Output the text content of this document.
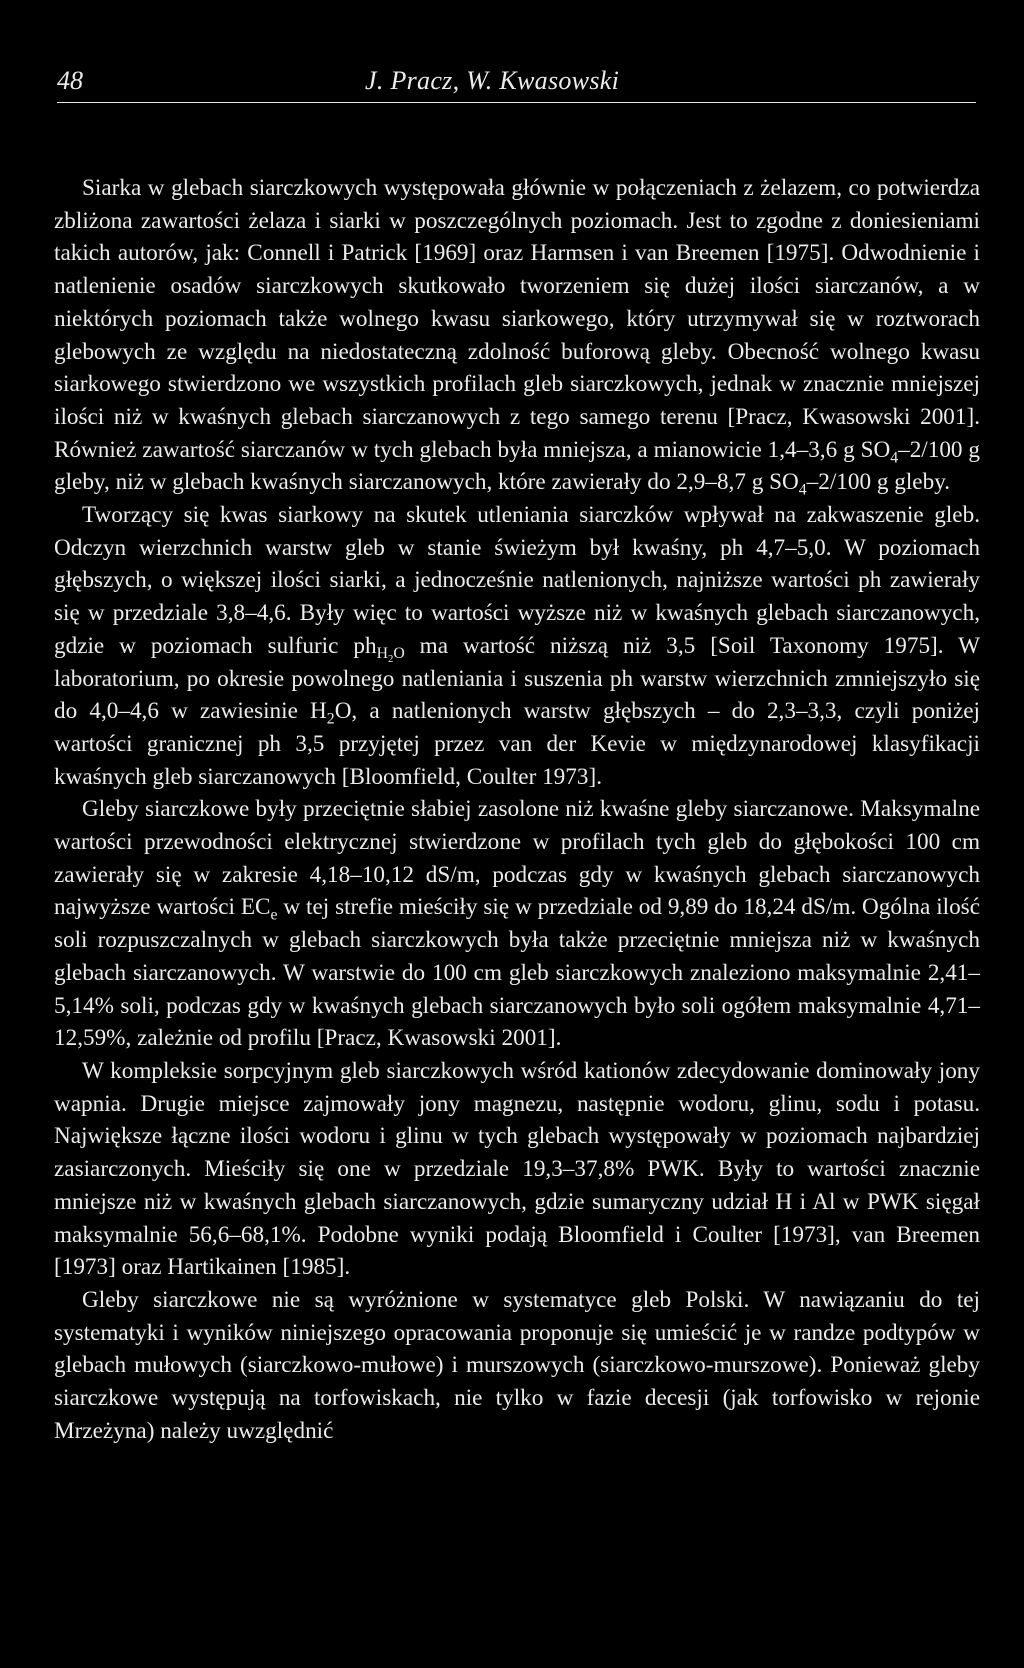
48	J. Pracz, W. Kwasowski

Siarka w glebach siarczkowych występowała głównie w połączeniach z żelazem, co potwierdza zbliżona zawartości żelaza i siarki w poszczególnych poziomach. Jest to zgodne z doniesieniami takich autorów, jak: Connell i Patrick [1969] oraz Harmsen i van Breemen [1975]. Odwodnienie i natlenienie osadów siarczkowych skutkowało tworzeniem się dużej ilości siarczanów, a w niektórych poziomach także wolnego kwasu siarkowego, który utrzymywał się w roztworach glebowych ze względu na niedostateczną zdolność buforową gleby. Obecność wolnego kwasu siarkowego stwierdzono we wszystkich profilach gleb siarczkowych, jednak w znacznie mniejszej ilości niż w kwaśnych glebach siarczanowych z tego samego terenu [Pracz, Kwasowski 2001]. Również zawartość siarczanów w tych glebach była mniejsza, a mianowicie 1,4–3,6 g $SO_4-2/100$ g gleby, niż w glebach kwaśnych siarczanowych, które zawierały do 2,9–8,7 g $SO_4-2/100$ g gleby.

Tworzący się kwas siarkowy na skutek utleniania siarczków wpływał na zakwaszenie gleb. Odczyn wierzchnich warstw gleb w stanie świeżym był kwaśny, ph 4,7–5,0. W poziomach głębszych, o większej ilości siarki, a jednocześnie natlenionych, najniższe wartości ph zawierały się w przedziale 3,8–4,6. Były więc to wartości wyższe niż w kwaśnych glebach siarczanowych, gdzie w poziomach sulfuric $ph_{H_2O}$ ma wartość niższą niż 3,5 [Soil Taxonomy 1975]. W laboratorium, po okresie powolnego natleniania i suszenia ph warstw wierzchnich zmniejszyło się do 4,0–4,6 w zawiesinie $H_2O$, a natlenionych warstw głębszych – do 2,3–3,3, czyli poniżej wartości granicznej ph 3,5 przyjętej przez van der Kevie w międzynarodowej klasyfikacji kwaśnych gleb siarczanowych [Bloomfield, Coulter 1973].

Gleby siarczkowe były przeciętnie słabiej zasolone niż kwaśne gleby siarczanowe. Maksymalne wartości przewodności elektrycznej stwierdzone w profilach tych gleb do głębokości 100 cm zawierały się w zakresie 4,18–10,12 dS/m, podczas gdy w kwaśnych glebach siarczanowych najwyższe wartości $EC_e$ w tej strefie mieściły się w przedziale od 9,89 do 18,24 dS/m. Ogólna ilość soli rozpuszczalnych w glebach siarczkowych była także przeciętnie mniejsza niż w kwaśnych glebach siarczanowych. W warstwie do 100 cm gleb siarczkowych znaleziono maksymalnie 2,41–5,14% soli, podczas gdy w kwaśnych glebach siarczanowych było soli ogółem maksymalnie 4,71–12,59%, zależnie od profilu [Pracz, Kwasowski 2001].

W kompleksie sorpcyjnym gleb siarczkowych wśród kationów zdecydowanie dominowały jony wapnia. Drugie miejsce zajmowały jony magnezu, następnie wodoru, glinu, sodu i potasu. Największe łączne ilości wodoru i glinu w tych glebach występowały w poziomach najbardziej zasiarczonych. Mieściły się one w przedziale 19,3–37,8% PWK. Były to wartości znacznie mniejsze niż w kwaśnych glebach siarczanowych, gdzie sumaryczny udział H i Al w PWK sięgał maksymalnie 56,6–68,1%. Podobne wyniki podają Bloomfield i Coulter [1973], van Breemen [1973] oraz Hartikainen [1985].

Gleby siarczkowe nie są wyróżnione w systematyce gleb Polski. W nawiązaniu do tej systematyki i wyników niniejszego opracowania proponuje się umieścić je w randze podtypów w glebach mułowych (siarczkowo-mułowe) i murszowych (siarczkowo-murszowe). Ponieważ gleby siarczkowe występują na torfowiskach, nie tylko w fazie decesji (jak torfowisko w rejonie Mrzeżyna) należy uwzględnić
